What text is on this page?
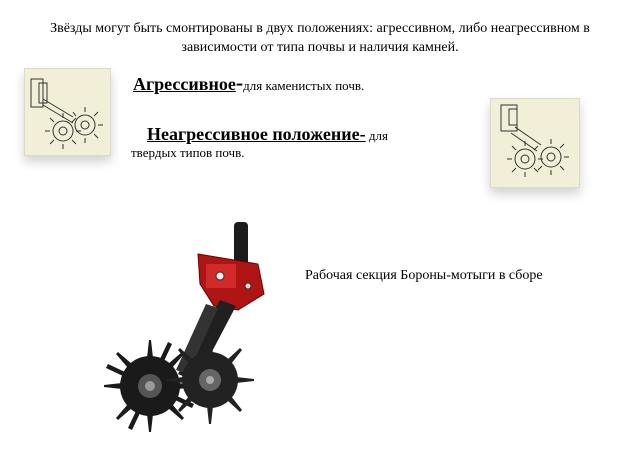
Звёзды могут быть смонтированы в двух положениях: агрессивном, либо неагрессивном в зависимости от типа почвы и наличия камней.
Агрессивное-для каменистых почв.
Неагрессивное положение- для твердых типов почв.
Рабочая секция Бороны-мотыги в сборе
